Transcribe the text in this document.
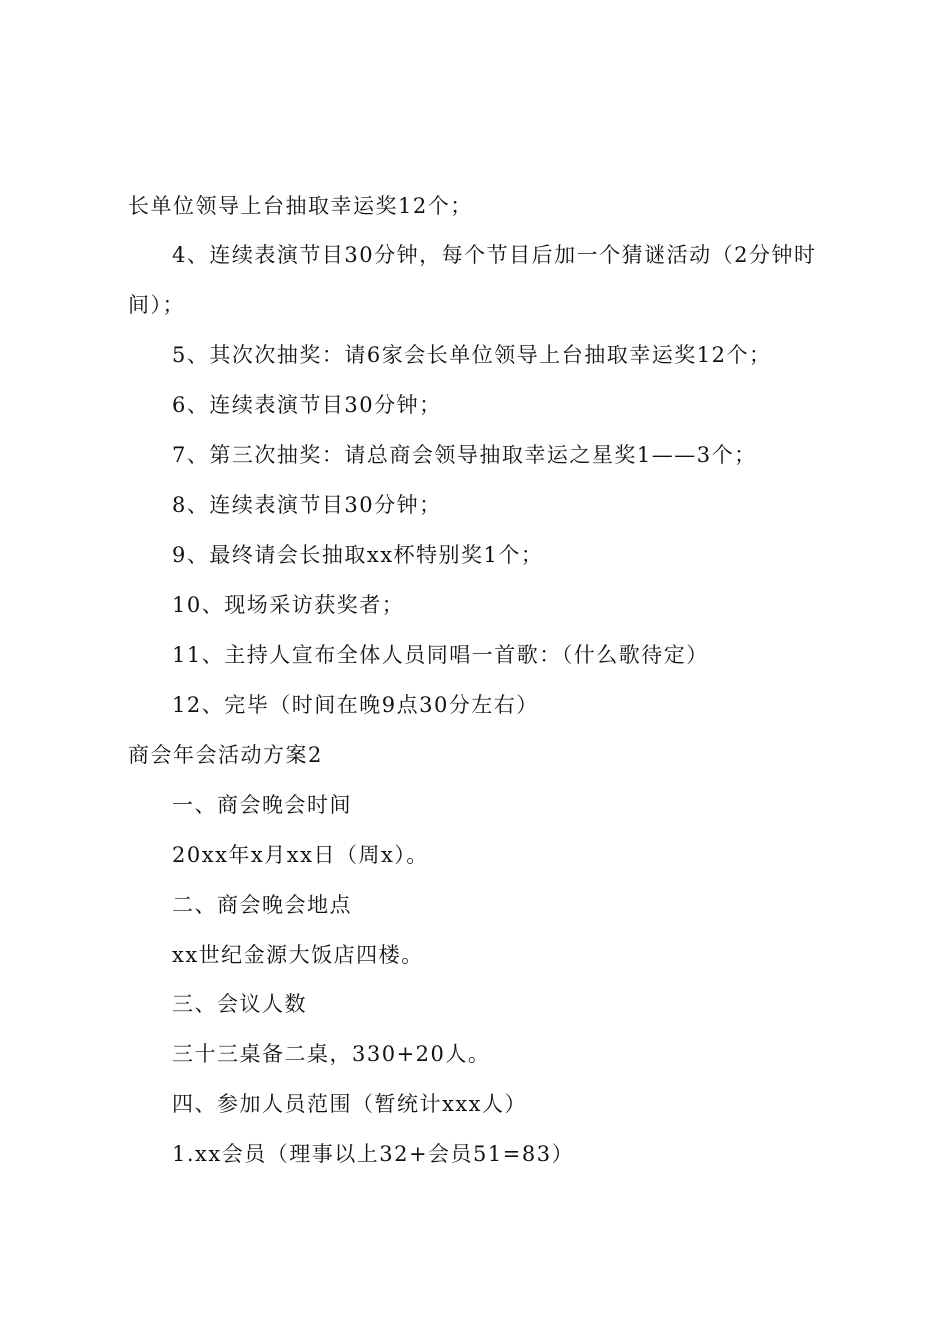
长单位领导上台抽取幸运奖12个；
4、连续表演节目30分钟，每个节目后加一个猜谜活动（2分钟时
间）；
5、其次次抽奖：请6家会长单位领导上台抽取幸运奖12个；
6、连续表演节目30分钟；
7、第三次抽奖：请总商会领导抽取幸运之星奖1——3个；
8、连续表演节目30分钟；
9、最终请会长抽取xx杯特别奖1个；
10、现场采访获奖者；
11、主持人宣布全体人员同唱一首歌：（什么歌待定）
12、完毕（时间在晚9点30分左右）
商会年会活动方案2
一、商会晚会时间
20xx年x月xx日（周x）。
二、商会晚会地点
xx世纪金源大饭店四楼。
三、会议人数
三十三桌备二桌，330+20人。
四、参加人员范围（暂统计xxx人）
1.xx会员（理事以上32+会员51=83）
